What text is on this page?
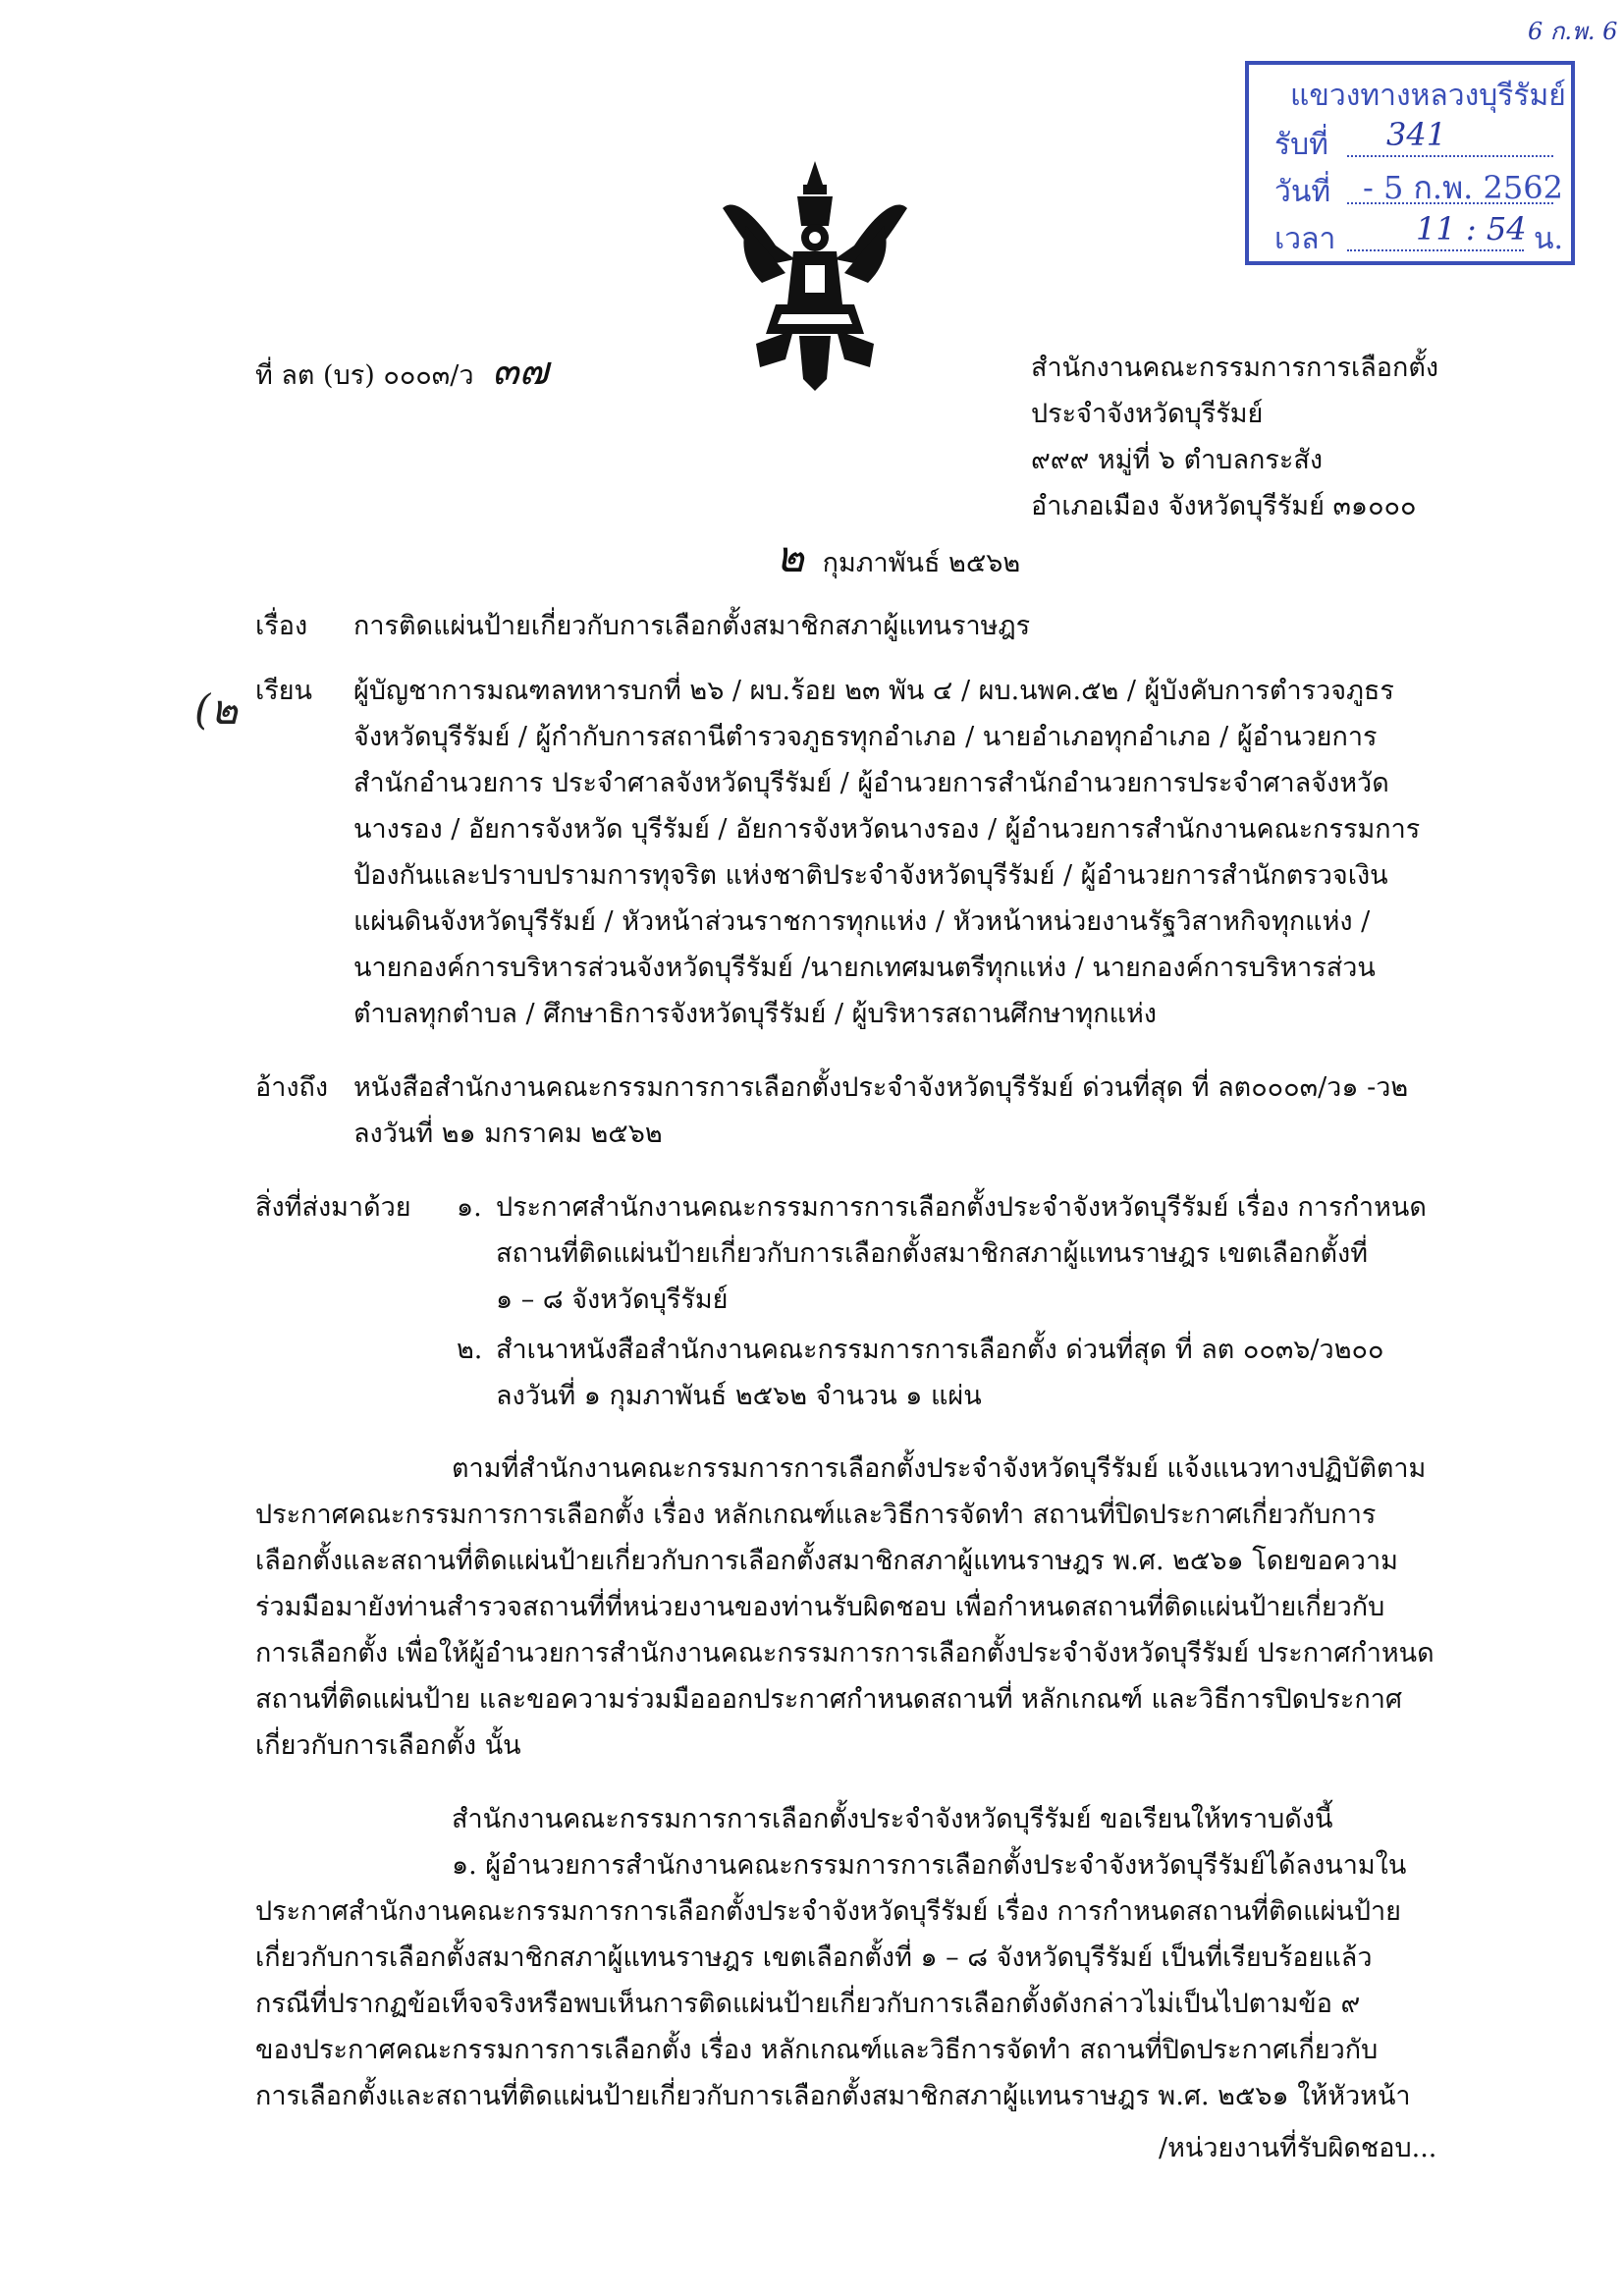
6 ก.พ. 6
แขวงทางหลวงบุรีรัมย์
รับที่ 341
วันที่ - 5 ก.พ. 2562
เวลา	11 : 54 น.
ที่ ลต (บร) ๐๐๐๓/ว ๓๗	สำนักงานคณะกรรมการการเลือกตั้ง
ประจำจังหวัดบุรีรัมย์
๙๙๙ หมู่ที่ ๖ ตำบลกระสัง
อำเภอเมือง จังหวัดบุรีรัมย์ ๓๑๐๐๐
๒ กุมภาพันธ์ ๒๕๖๒
เรื่อง การติดแผ่นป้ายเกี่ยวกับการเลือกตั้งสมาชิกสภาผู้แทนราษฎร
(๒ เรียน ผู้บัญชาการมณฑลทหารบกที่ ๒๖ / ผบ.ร้อย ๒๓ พัน ๔ / ผบ.นพค.๕๒ / ผู้บังคับการตำรวจภูธร
จังหวัดบุรีรัมย์ / ผู้กำกับการสถานีตำรวจภูธรทุกอำเภอ / นายอำเภอทุกอำเภอ / ผู้อำนวยการ
สำนักอำนวยการ ประจำศาลจังหวัดบุรีรัมย์ / ผู้อำนวยการสำนักอำนวยการประจำศาลจังหวัด
นางรอง / อัยการจังหวัด บุรีรัมย์ / อัยการจังหวัดนางรอง / ผู้อำนวยการสำนักงานคณะกรรมการ
ป้องกันและปราบปรามการทุจริต แห่งชาติประจำจังหวัดบุรีรัมย์ / ผู้อำนวยการสำนักตรวจเงิน
แผ่นดินจังหวัดบุรีรัมย์ / หัวหน้าส่วนราชการทุกแห่ง / หัวหน้าหน่วยงานรัฐวิสาหกิจทุกแห่ง /
นายกองค์การบริหารส่วนจังหวัดบุรีรัมย์ /นายกเทศมนตรีทุกแห่ง / นายกองค์การบริหารส่วน
ตำบลทุกตำบล / ศึกษาธิการจังหวัดบุรีรัมย์ / ผู้บริหารสถานศึกษาทุกแห่ง
อ้างถึง หนังสือสำนักงานคณะกรรมการการเลือกตั้งประจำจังหวัดบุรีรัมย์ ด่วนที่สุด ที่ ลต๐๐๐๓/ว๑ -ว๒
ลงวันที่ ๒๑ มกราคม ๒๕๖๒
สิ่งที่ส่งมาด้วย ๑. ประกาศสำนักงานคณะกรรมการการเลือกตั้งประจำจังหวัดบุรีรัมย์ เรื่อง การกำหนด
สถานที่ติดแผ่นป้ายเกี่ยวกับการเลือกตั้งสมาชิกสภาผู้แทนราษฎร เขตเลือกตั้งที่
๑ – ๘ จังหวัดบุรีรัมย์
๒. สำเนาหนังสือสำนักงานคณะกรรมการการเลือกตั้ง ด่วนที่สุด ที่ ลต ๐๐๓๖/ว๒๐๐
ลงวันที่ ๑ กุมภาพันธ์ ๒๕๖๒ จำนวน ๑ แผ่น
ตามที่สำนักงานคณะกรรมการการเลือกตั้งประจำจังหวัดบุรีรัมย์ แจ้งแนวทางปฏิบัติตาม
ประกาศคณะกรรมการการเลือกตั้ง เรื่อง หลักเกณฑ์และวิธีการจัดทำ สถานที่ปิดประกาศเกี่ยวกับการ
เลือกตั้งและสถานที่ติดแผ่นป้ายเกี่ยวกับการเลือกตั้งสมาชิกสภาผู้แทนราษฎร พ.ศ. ๒๕๖๑ โดยขอความ
ร่วมมือมายังท่านสำรวจสถานที่ที่หน่วยงานของท่านรับผิดชอบ เพื่อกำหนดสถานที่ติดแผ่นป้ายเกี่ยวกับ
การเลือกตั้ง เพื่อให้ผู้อำนวยการสำนักงานคณะกรรมการการเลือกตั้งประจำจังหวัดบุรีรัมย์ ประกาศกำหนด
สถานที่ติดแผ่นป้าย และขอความร่วมมือออกประกาศกำหนดสถานที่ หลักเกณฑ์ และวิธีการปิดประกาศ
เกี่ยวกับการเลือกตั้ง นั้น
สำนักงานคณะกรรมการการเลือกตั้งประจำจังหวัดบุรีรัมย์ ขอเรียนให้ทราบดังนี้
๑. ผู้อำนวยการสำนักงานคณะกรรมการการเลือกตั้งประจำจังหวัดบุรีรัมย์ได้ลงนามใน
ประกาศสำนักงานคณะกรรมการการเลือกตั้งประจำจังหวัดบุรีรัมย์ เรื่อง การกำหนดสถานที่ติดแผ่นป้าย
เกี่ยวกับการเลือกตั้งสมาชิกสภาผู้แทนราษฎร เขตเลือกตั้งที่ ๑ – ๘ จังหวัดบุรีรัมย์ เป็นที่เรียบร้อยแล้ว
กรณีที่ปรากฏข้อเท็จจริงหรือพบเห็นการติดแผ่นป้ายเกี่ยวกับการเลือกตั้งดังกล่าวไม่เป็นไปตามข้อ ๙
ของประกาศคณะกรรมการการเลือกตั้ง เรื่อง หลักเกณฑ์และวิธีการจัดทำ สถานที่ปิดประกาศเกี่ยวกับ
การเลือกตั้งและสถานที่ติดแผ่นป้ายเกี่ยวกับการเลือกตั้งสมาชิกสภาผู้แทนราษฎร พ.ศ. ๒๕๖๑ ให้หัวหน้า
/หน่วยงานที่รับผิดชอบ...
